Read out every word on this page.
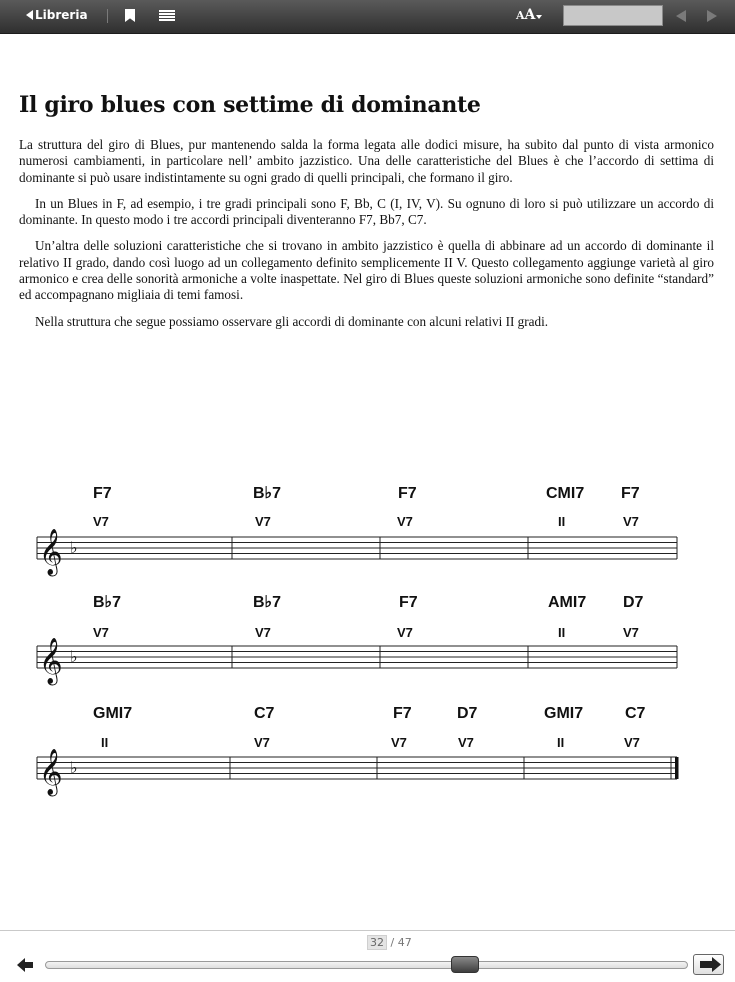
Libreria	AA
Il giro blues con settime di dominante

La struttura del giro di Blues, pur mantenendo salda la forma legata alle dodici misure, ha subito dal punto di vista armonico numerosi cambiamenti, in particolare nell’ ambito jazzistico. Una delle caratteristiche del Blues è che l’accordo di settima di dominante si può usare indistintamente su ogni grado di quelli principali, che formano il giro.

In un Blues in F, ad esempio, i tre gradi principali sono F, Bb, C (I, IV, V). Su ognuno di loro si può utilizzare un accordo di dominante. In questo modo i tre accordi principali diventeranno F7, Bb7, C7.

Un’altra delle soluzioni caratteristiche che si trovano in ambito jazzistico è quella di abbinare ad un accordo di dominante il relativo II grado, dando così luogo ad un collegamento definito semplicemente II V. Questo collegamento aggiunge varietà al giro armonico e crea delle sonorità armoniche a volte inaspettate. Nel giro di Blues queste soluzioni armoniche sono definite “standard” ed accompagnano migliaia di temi famosi.

Nella struttura che segue possiamo osservare gli accordi di dominante con alcuni relativi II gradi.

𝄞 ♭
F7
V7
B♭7
V7
F7
V7
CMI7
II
F7
V7
𝄞 ♭
B♭7
V7
B♭7
V7
F7
V7
AMI7
II
D7
V7
𝄞 ♭
GMI7
II
C7
V7
F7
V7
D7
V7
GMI7
II
C7
V7
32 / 47
